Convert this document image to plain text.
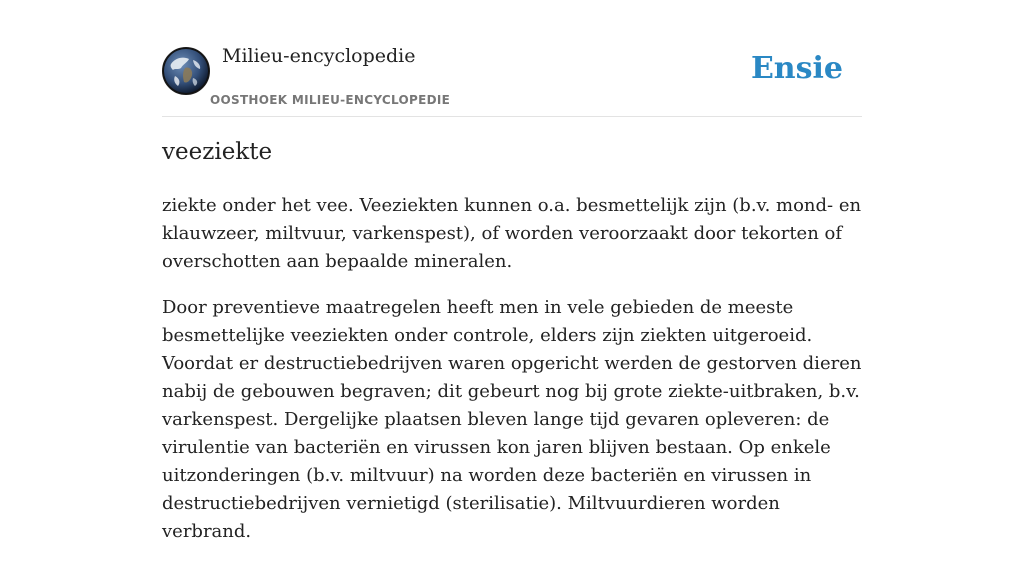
Milieu-encyclopedie
OOSTHOEK MILIEU-ENCYCLOPEDIE
Ensie
veeziekte

ziekte onder het vee. Veeziekten kunnen o.a. besmettelijk zijn (b.v. mond- en klauwzeer, miltvuur, varkenspest), of worden veroorzaakt door tekorten of overschotten aan bepaalde mineralen.

Door preventieve maatregelen heeft men in vele gebieden de meeste besmettelijke veeziekten onder controle, elders zijn ziekten uitgeroeid. Voordat er destructiebedrijven waren opgericht werden de gestorven dieren nabij de gebouwen begraven; dit gebeurt nog bij grote ziekte-uitbraken, b.v. varkenspest. Dergelijke plaatsen bleven lange tijd gevaren opleveren: de virulentie van bacteriën en virussen kon jaren blijven bestaan. Op enkele uitzonderingen (b.v. miltvuur) na worden deze bacteriën en virussen in destructiebedrijven vernietigd (sterilisatie). Miltvuurdieren worden verbrand.
